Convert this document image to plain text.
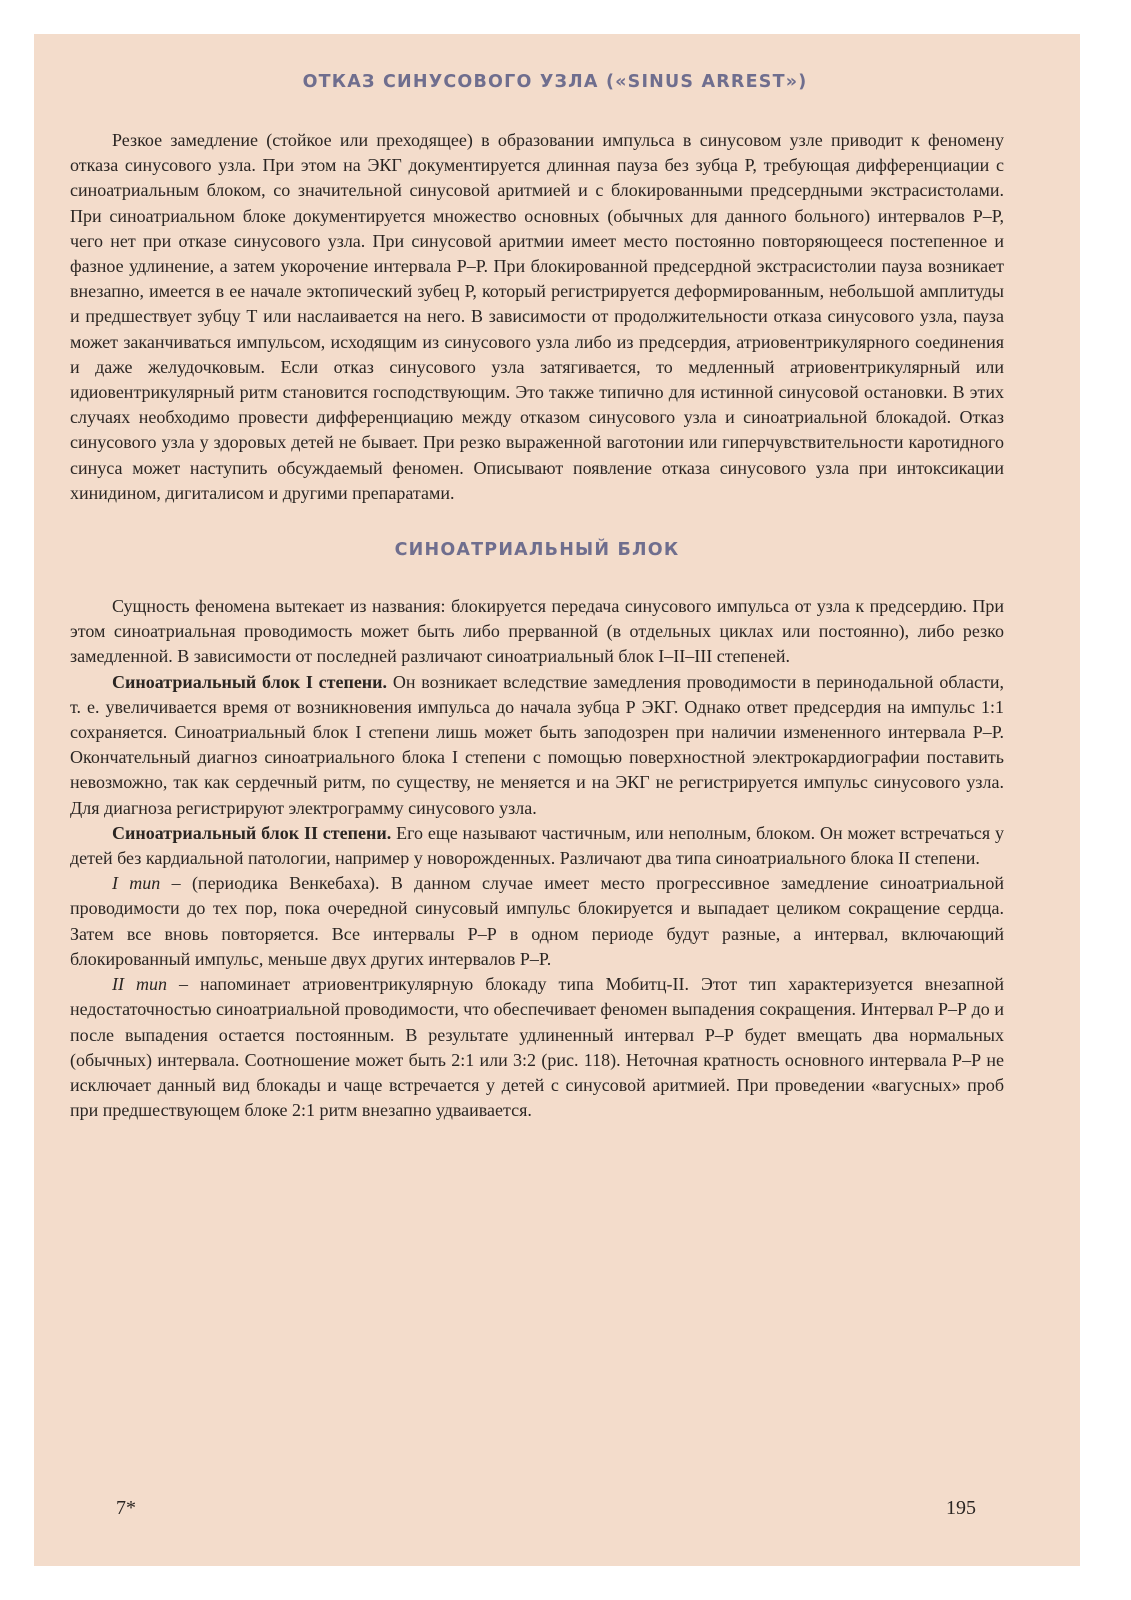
ОТКАЗ СИНУСОВОГО УЗЛА («SINUS ARREST»)

Резкое замедление (стойкое или преходящее) в образовании импульса в синусовом узле приводит к феномену отказа синусового узла. При этом на ЭКГ документируется длинная пауза без зубца Р, требующая дифференциации с синоатриальным блоком, со значительной синусовой аритмией и с блокированными предсердными экстрасистолами. При синоатриальном блоке документируется множество основных (обычных для данного больного) интервалов Р–Р, чего нет при отказе синусового узла. При синусовой аритмии имеет место постоянно повторяющееся постепенное и фазное удлинение, а затем укорочение интервала Р–Р. При блокированной предсердной экстрасистолии пауза возникает внезапно, имеется в ее начале эктопический зубец Р, который регистрируется деформированным, небольшой амплитуды и предшествует зубцу Т или наслаивается на него. В зависимости от продолжительности отказа синусового узла, пауза может заканчиваться импульсом, исходящим из синусового узла либо из предсердия, атриовентрикулярного соединения и даже желудочковым. Если отказ синусового узла затягивается, то медленный атриовентрикулярный или идиовентрикулярный ритм становится господствующим. Это также типично для истинной синусовой остановки. В этих случаях необходимо провести дифференциацию между отказом синусового узла и синоатриальной блокадой. Отказ синусового узла у здоровых детей не бывает. При резко выраженной ваготонии или гиперчувствительности каротидного синуса может наступить обсуждаемый феномен. Описывают появление отказа синусового узла при интоксикации хинидином, дигиталисом и другими препаратами.

СИНОАТРИАЛЬНЫЙ БЛОК

Сущность феномена вытекает из названия: блокируется передача синусового импульса от узла к предсердию. При этом синоатриальная проводимость может быть либо прерванной (в отдельных циклах или постоянно), либо резко замедленной. В зависимости от последней различают синоатриальный блок I–II–III степеней.

Синоатриальный блок I степени. Он возникает вследствие замедления проводимости в перинодальной области, т. е. увеличивается время от возникновения импульса до начала зубца Р ЭКГ. Однако ответ предсердия на импульс 1:1 сохраняется. Синоатриальный блок I степени лишь может быть заподозрен при наличии измененного интервала Р–Р. Окончательный диагноз синоатриального блока I степени с помощью поверхностной электрокардиографии поставить невозможно, так как сердечный ритм, по существу, не меняется и на ЭКГ не регистрируется импульс синусового узла. Для диагноза регистрируют электрограмму синусового узла.

Синоатриальный блок II степени. Его еще называют частичным, или неполным, блоком. Он может встречаться у детей без кардиальной патологии, например у новорожденных. Различают два типа синоатриального блока II степени.

I тип – (периодика Венкебаха). В данном случае имеет место прогрессивное замедление синоатриальной проводимости до тех пор, пока очередной синусовый импульс блокируется и выпадает целиком сокращение сердца. Затем все вновь повторяется. Все интервалы Р–Р в одном периоде будут разные, а интервал, включающий блокированный импульс, меньше двух других интервалов Р–Р.

II тип – напоминает атриовентрикулярную блокаду типа Мобитц-II. Этот тип характеризуется внезапной недостаточностью синоатриальной проводимости, что обеспечивает феномен выпадения сокращения. Интервал Р–Р до и после выпадения остается постоянным. В результате удлиненный интервал Р–Р будет вмещать два нормальных (обычных) интервала. Соотношение может быть 2:1 или 3:2 (рис. 118). Неточная кратность основного интервала Р–Р не исключает данный вид блокады и чаще встречается у детей с синусовой аритмией. При проведении «вагусных» проб при предшествующем блоке 2:1 ритм внезапно удваивается.

7*	195
